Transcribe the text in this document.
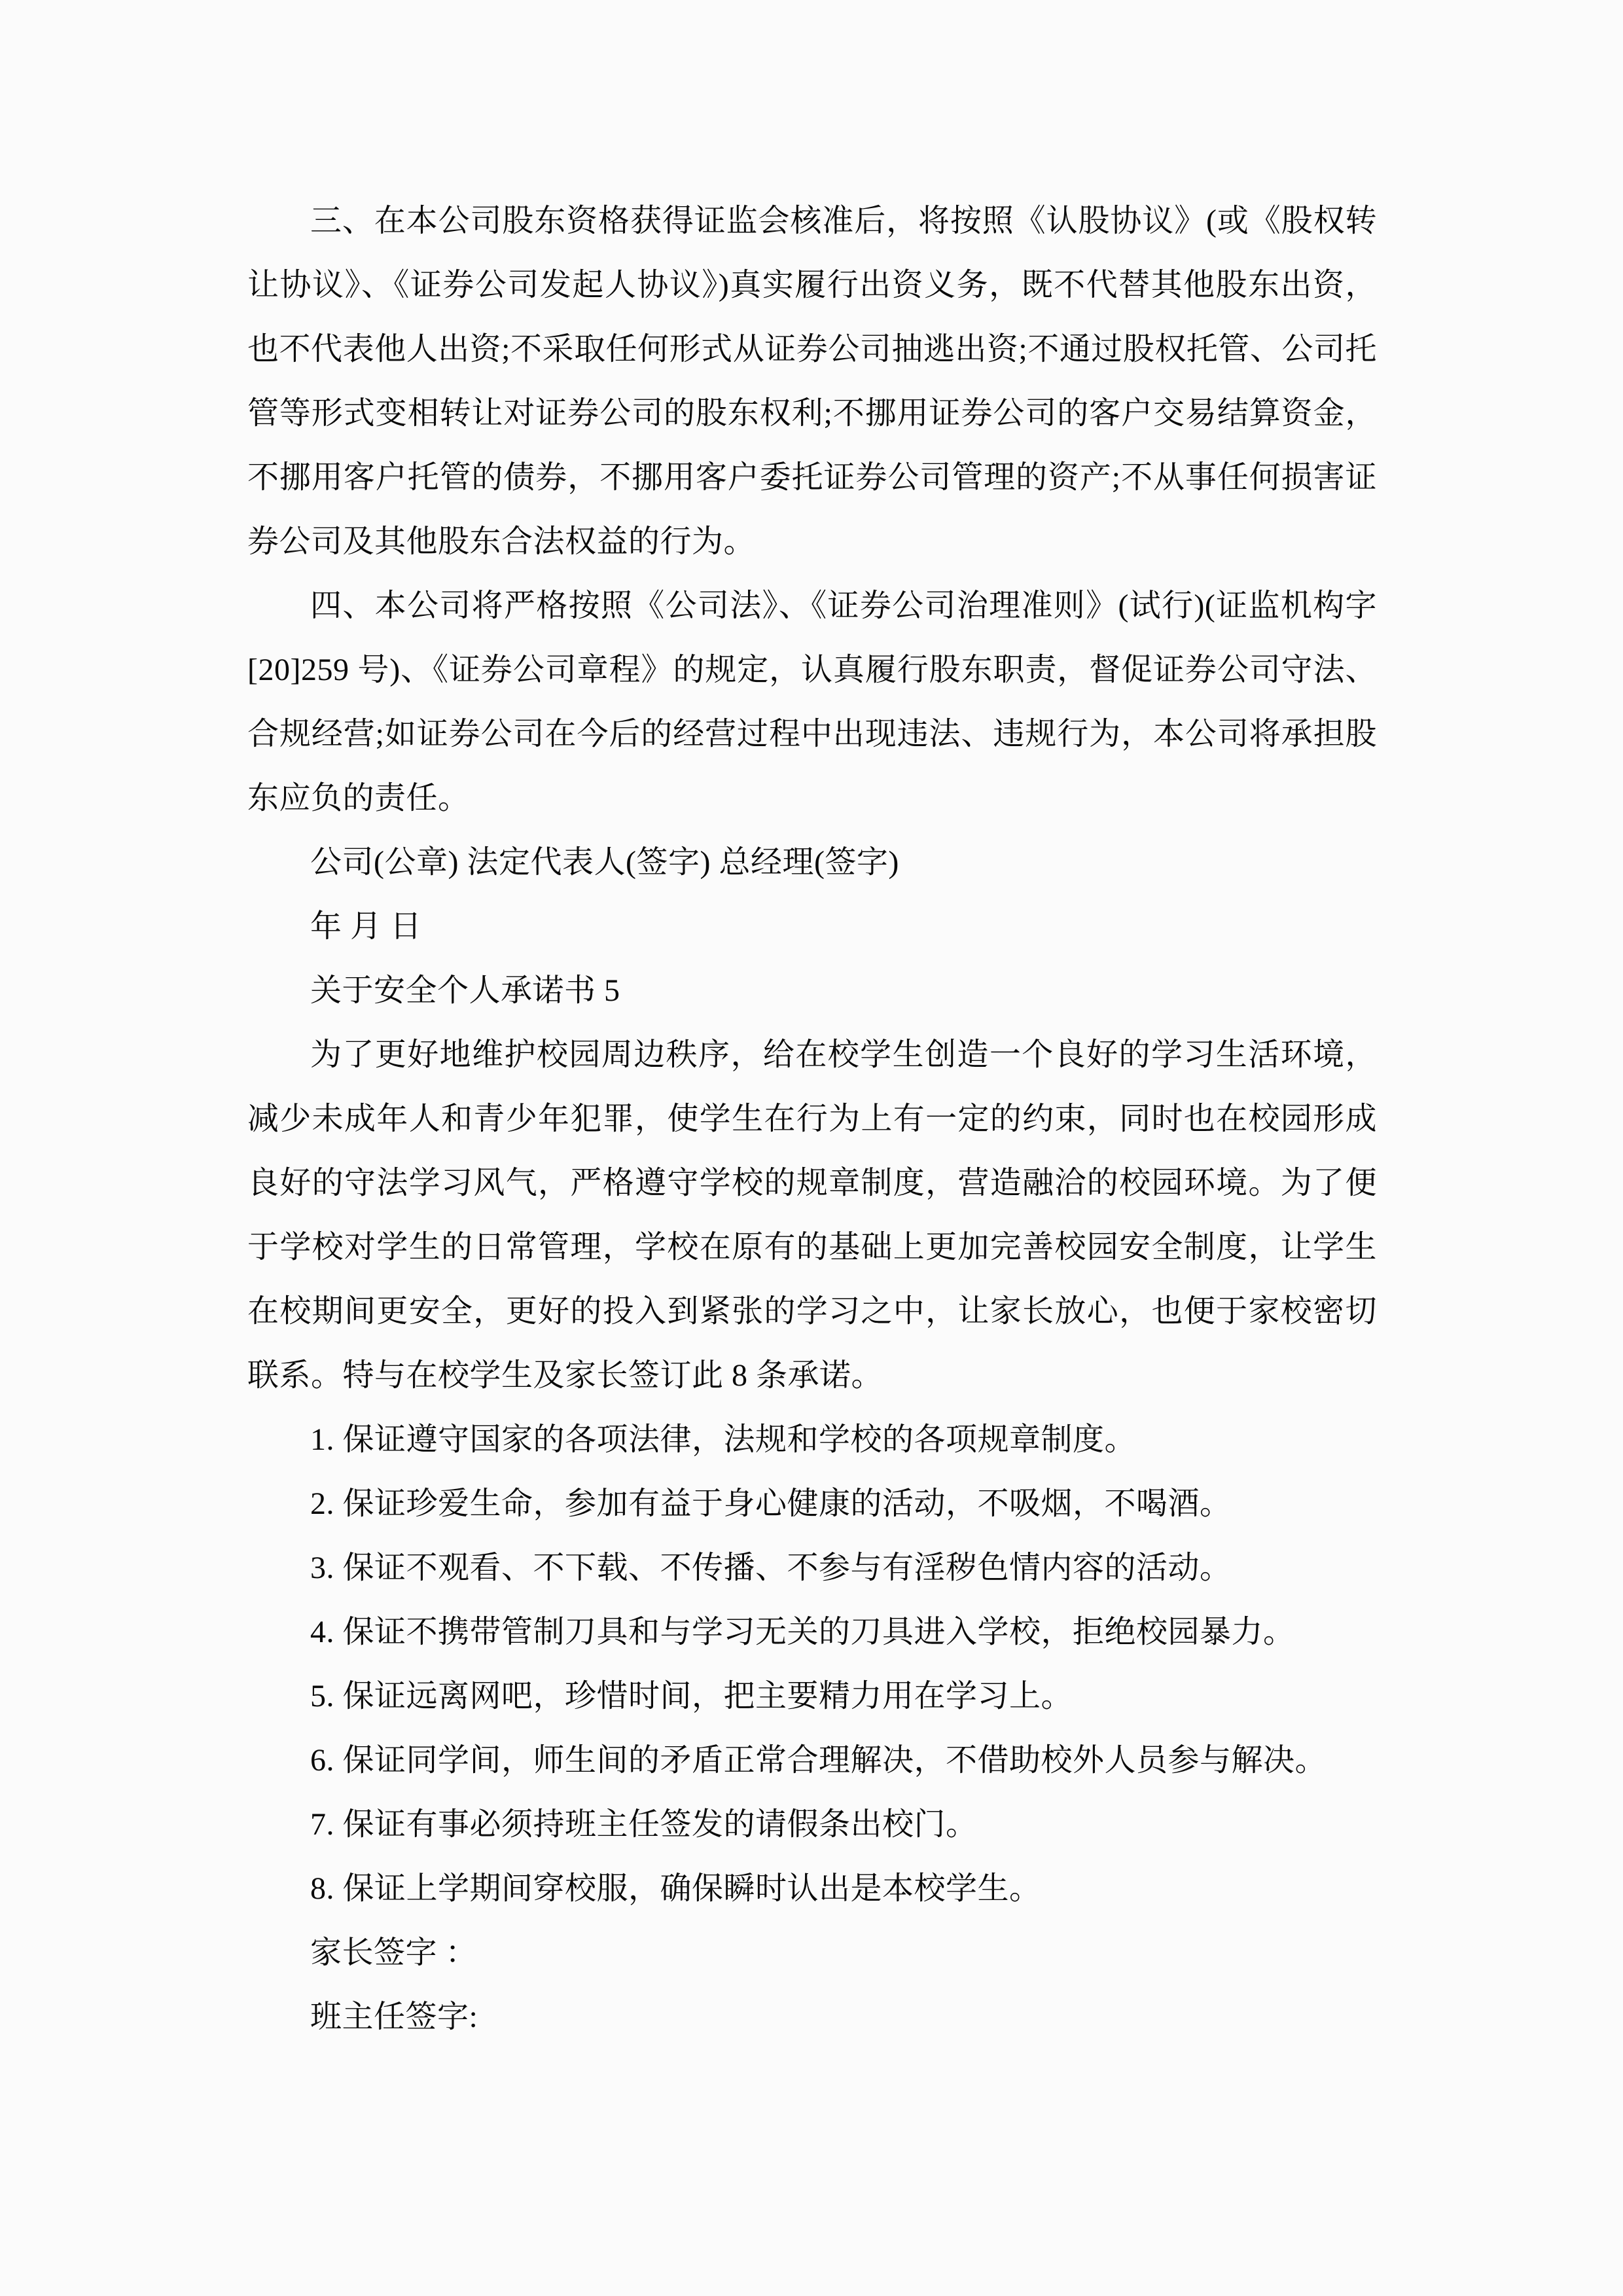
三、在本公司股东资格获得证监会核准后，将按照《认股协议》(或《股权转让协议》、《证券公司发起人协议》)真实履行出资义务，既不代替其他股东出资，也不代表他人出资;不采取任何形式从证券公司抽逃出资;不通过股权托管、公司托管等形式变相转让对证券公司的股东权利;不挪用证券公司的客户交易结算资金，不挪用客户托管的债券，不挪用客户委托证券公司管理的资产;不从事任何损害证券公司及其他股东合法权益的行为。

四、本公司将严格按照《公司法》、《证券公司治理准则》(试行)(证监机构字[20]259 号)、《证券公司章程》的规定，认真履行股东职责，督促证券公司守法、合规经营;如证券公司在今后的经营过程中出现违法、违规行为，本公司将承担股东应负的责任。

公司(公章) 法定代表人(签字) 总经理(签字)

年 月 日

关于安全个人承诺书 5

为了更好地维护校园周边秩序，给在校学生创造一个良好的学习生活环境，减少未成年人和青少年犯罪，使学生在行为上有一定的约束，同时也在校园形成良好的守法学习风气，严格遵守学校的规章制度，营造融洽的校园环境。为了便于学校对学生的日常管理，学校在原有的基础上更加完善校园安全制度，让学生在校期间更安全，更好的投入到紧张的学习之中，让家长放心，也便于家校密切联系。特与在校学生及家长签订此 8 条承诺。

1. 保证遵守国家的各项法律，法规和学校的各项规章制度。

2. 保证珍爱生命，参加有益于身心健康的活动，不吸烟，不喝酒。

3. 保证不观看、不下载、不传播、不参与有淫秽色情内容的活动。

4. 保证不携带管制刀具和与学习无关的刀具进入学校，拒绝校园暴力。

5. 保证远离网吧，珍惜时间，把主要精力用在学习上。

6. 保证同学间，师生间的矛盾正常合理解决，不借助校外人员参与解决。

7. 保证有事必须持班主任签发的请假条出校门。

8. 保证上学期间穿校服，确保瞬时认出是本校学生。

家长签字 ：

班主任签字:
